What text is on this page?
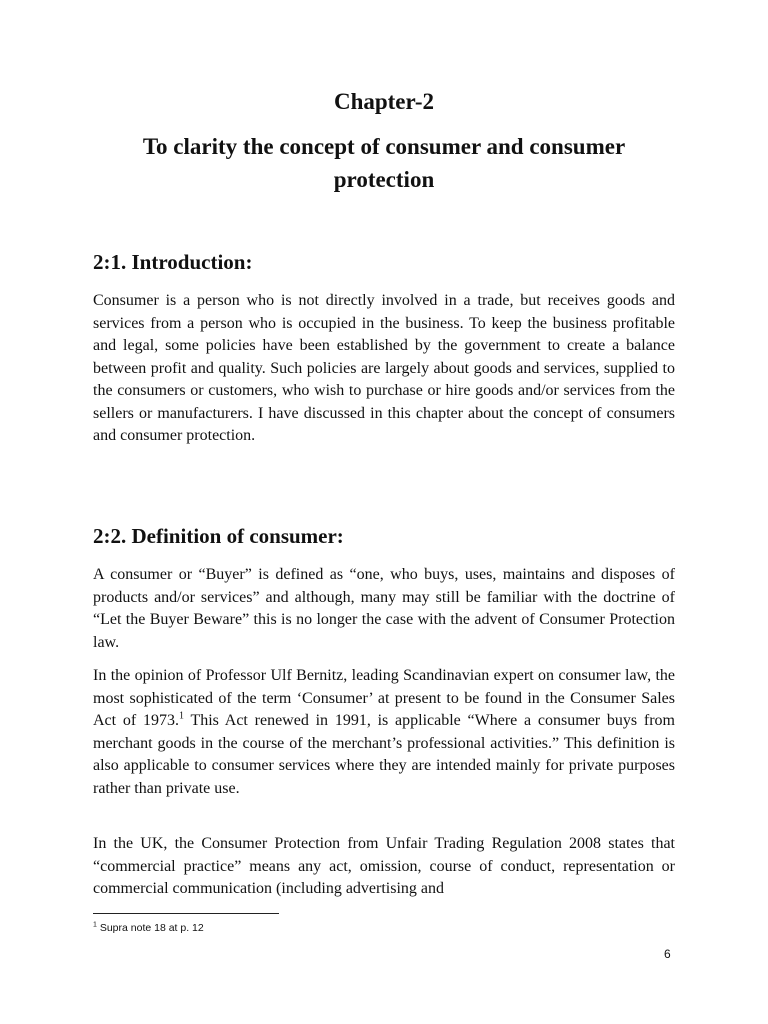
Chapter-2
To clarity the concept of consumer and consumer protection
2:1. Introduction:

Consumer is a person who is not directly involved in a trade, but receives goods and services from a person who is occupied in the business. To keep the business profitable and legal, some policies have been established by the government to create a balance between profit and quality. Such policies are largely about goods and services, supplied to the consumers or customers, who wish to purchase or hire goods and/or services from the sellers or manufacturers. I have discussed in this chapter about the concept of consumers and consumer protection.

2:2. Definition of consumer:

A consumer or “Buyer” is defined as “one, who buys, uses, maintains and disposes of products and/or services” and although, many may still be familiar with the doctrine of “Let the Buyer Beware” this is no longer the case with the advent of Consumer Protection law.

In the opinion of Professor Ulf Bernitz, leading Scandinavian expert on consumer law, the most sophisticated of the term ‘Consumer’ at present to be found in the Consumer Sales Act of 1973.$^1$ This Act renewed in 1991, is applicable “Where a consumer buys from merchant goods in the course of the merchant’s professional activities.” This definition is also applicable to consumer services where they are intended mainly for private purposes rather than private use.

In the UK, the Consumer Protection from Unfair Trading Regulation 2008 states that “commercial practice” means any act, omission, course of conduct, representation or commercial communication (including advertising and

$^1$ Supra note 18 at p. 12
6
